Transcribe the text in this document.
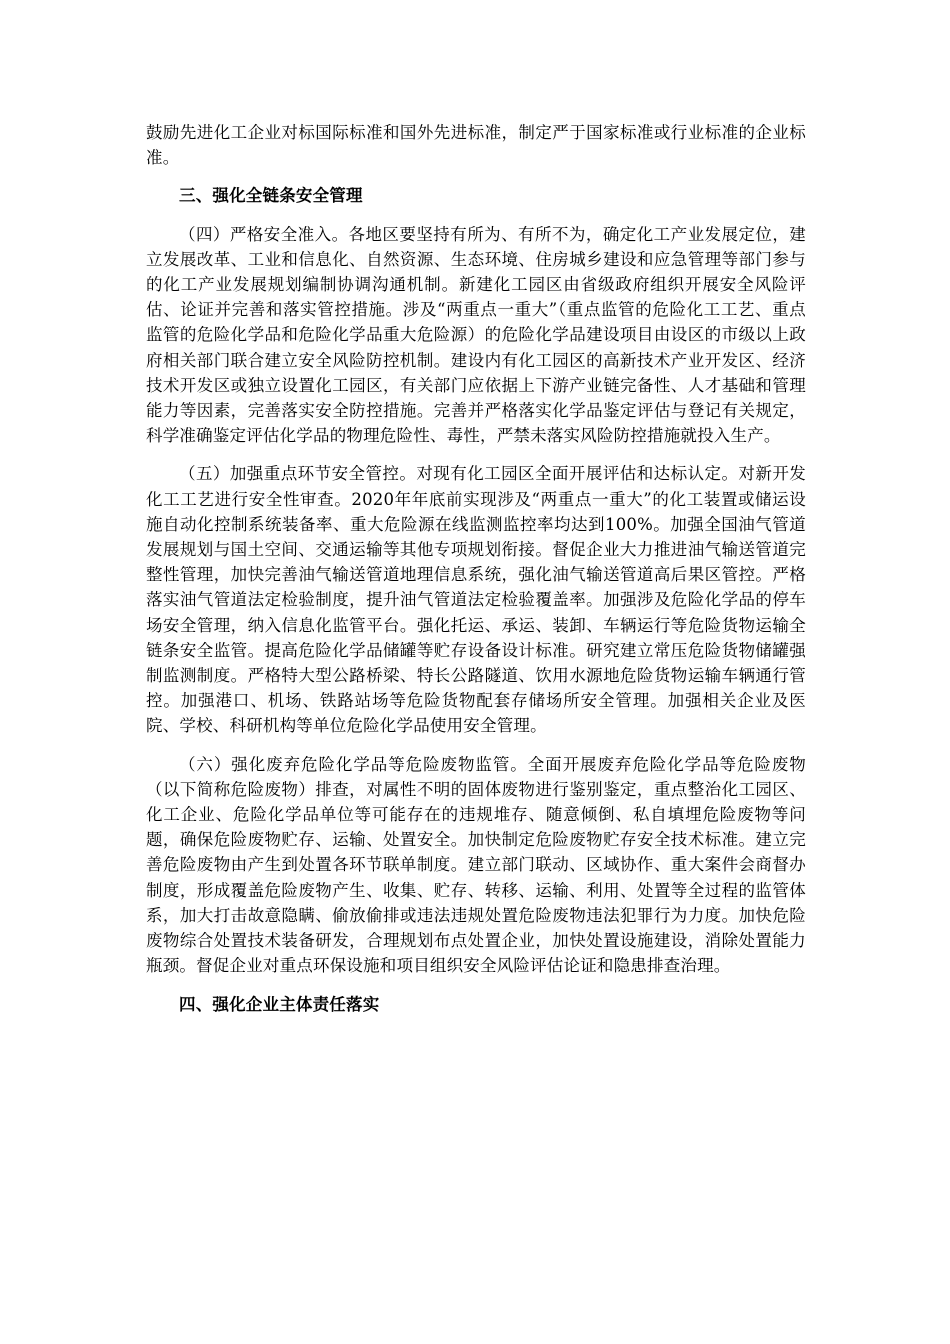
鼓励先进化工企业对标国际标准和国外先进标准，制定严于国家标准或行业标准的企业标准。

三、强化全链条安全管理

（四）严格安全准入。各地区要坚持有所为、有所不为，确定化工产业发展定位，建立发展改革、工业和信息化、自然资源、生态环境、住房城乡建设和应急管理等部门参与的化工产业发展规划编制协调沟通机制。新建化工园区由省级政府组织开展安全风险评估、论证并完善和落实管控措施。涉及“两重点一重大”（重点监管的危险化工工艺、重点监管的危险化学品和危险化学品重大危险源）的危险化学品建设项目由设区的市级以上政府相关部门联合建立安全风险防控机制。建设内有化工园区的高新技术产业开发区、经济技术开发区或独立设置化工园区，有关部门应依据上下游产业链完备性、人才基础和管理能力等因素，完善落实安全防控措施。完善并严格落实化学品鉴定评估与登记有关规定，科学准确鉴定评估化学品的物理危险性、毒性，严禁未落实风险防控措施就投入生产。

（五）加强重点环节安全管控。对现有化工园区全面开展评估和达标认定。对新开发化工工艺进行安全性审查。2020年年底前实现涉及“两重点一重大”的化工装置或储运设施自动化控制系统装备率、重大危险源在线监测监控率均达到100%。加强全国油气管道发展规划与国土空间、交通运输等其他专项规划衔接。督促企业大力推进油气输送管道完整性管理，加快完善油气输送管道地理信息系统，强化油气输送管道高后果区管控。严格落实油气管道法定检验制度，提升油气管道法定检验覆盖率。加强涉及危险化学品的停车场安全管理，纳入信息化监管平台。强化托运、承运、装卸、车辆运行等危险货物运输全链条安全监管。提高危险化学品储罐等贮存设备设计标准。研究建立常压危险货物储罐强制监测制度。严格特大型公路桥梁、特长公路隧道、饮用水源地危险货物运输车辆通行管控。加强港口、机场、铁路站场等危险货物配套存储场所安全管理。加强相关企业及医院、学校、科研机构等单位危险化学品使用安全管理。

（六）强化废弃危险化学品等危险废物监管。全面开展废弃危险化学品等危险废物（以下简称危险废物）排查，对属性不明的固体废物进行鉴别鉴定，重点整治化工园区、化工企业、危险化学品单位等可能存在的违规堆存、随意倾倒、私自填埋危险废物等问题，确保危险废物贮存、运输、处置安全。加快制定危险废物贮存安全技术标准。建立完善危险废物由产生到处置各环节联单制度。建立部门联动、区域协作、重大案件会商督办制度，形成覆盖危险废物产生、收集、贮存、转移、运输、利用、处置等全过程的监管体系，加大打击故意隐瞒、偷放偷排或违法违规处置危险废物违法犯罪行为力度。加快危险废物综合处置技术装备研发，合理规划布点处置企业，加快处置设施建设，消除处置能力瓶颈。督促企业对重点环保设施和项目组织安全风险评估论证和隐患排查治理。

四、强化企业主体责任落实
